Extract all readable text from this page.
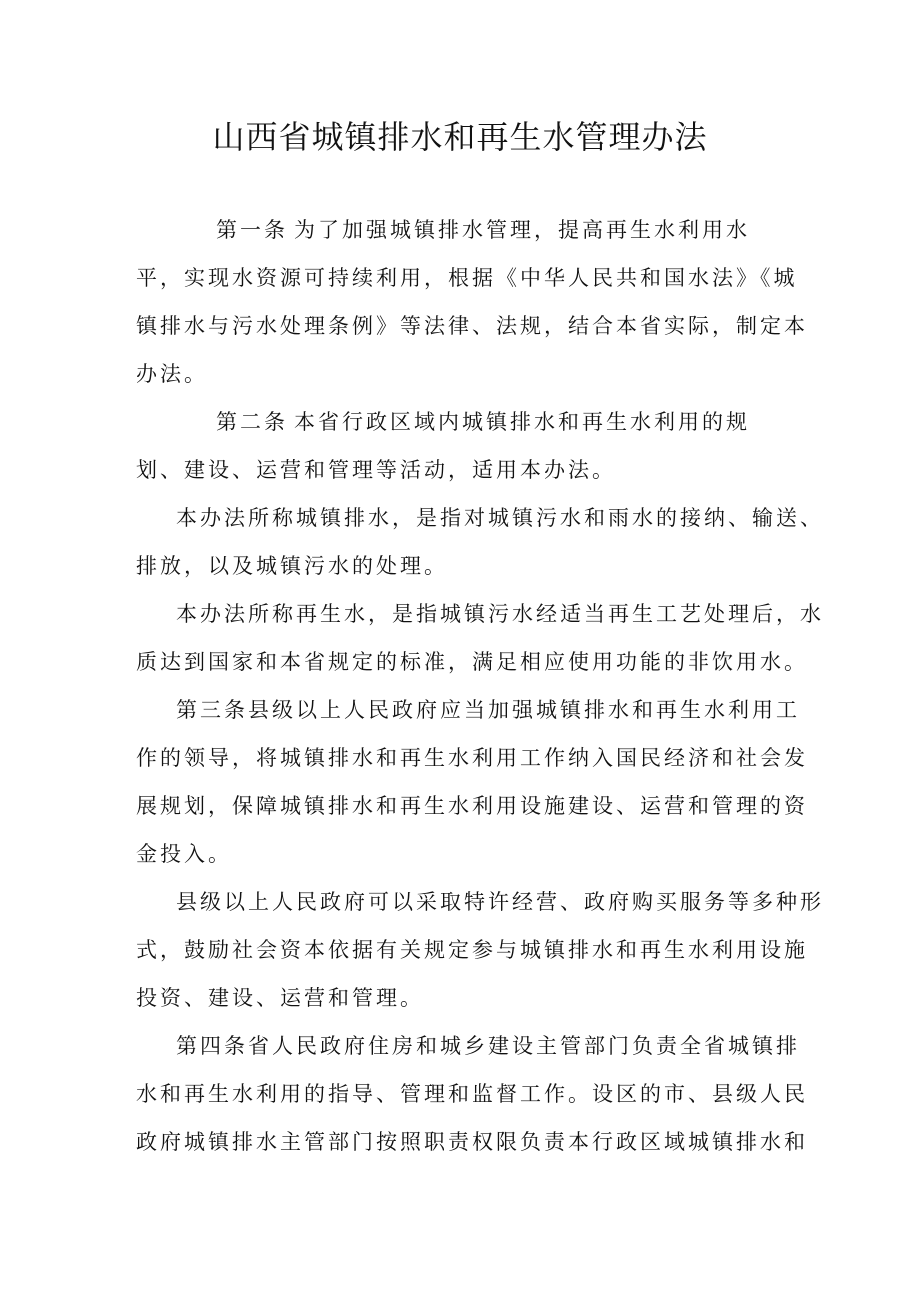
山西省城镇排水和再生水管理办法

第一条 为了加强城镇排水管理，提高再生水利用水
平，实现水资源可持续利用，根据《中华人民共和国水法》《城
镇排水与污水处理条例》等法律、法规，结合本省实际，制定本
办法。

第二条 本省行政区域内城镇排水和再生水利用的规
划、建设、运营和管理等活动，适用本办法。

本办法所称城镇排水，是指对城镇污水和雨水的接纳、输送、
排放，以及城镇污水的处理。

本办法所称再生水，是指城镇污水经适当再生工艺处理后，水
质达到国家和本省规定的标准，满足相应使用功能的非饮用水。

第三条县级以上人民政府应当加强城镇排水和再生水利用工
作的领导，将城镇排水和再生水利用工作纳入国民经济和社会发
展规划，保障城镇排水和再生水利用设施建设、运营和管理的资
金投入。

县级以上人民政府可以采取特许经营、政府购买服务等多种形
式，鼓励社会资本依据有关规定参与城镇排水和再生水利用设施
投资、建设、运营和管理。

第四条省人民政府住房和城乡建设主管部门负责全省城镇排
水和再生水利用的指导、管理和监督工作。设区的市、县级人民
政府城镇排水主管部门按照职责权限负责本行政区域城镇排水和
